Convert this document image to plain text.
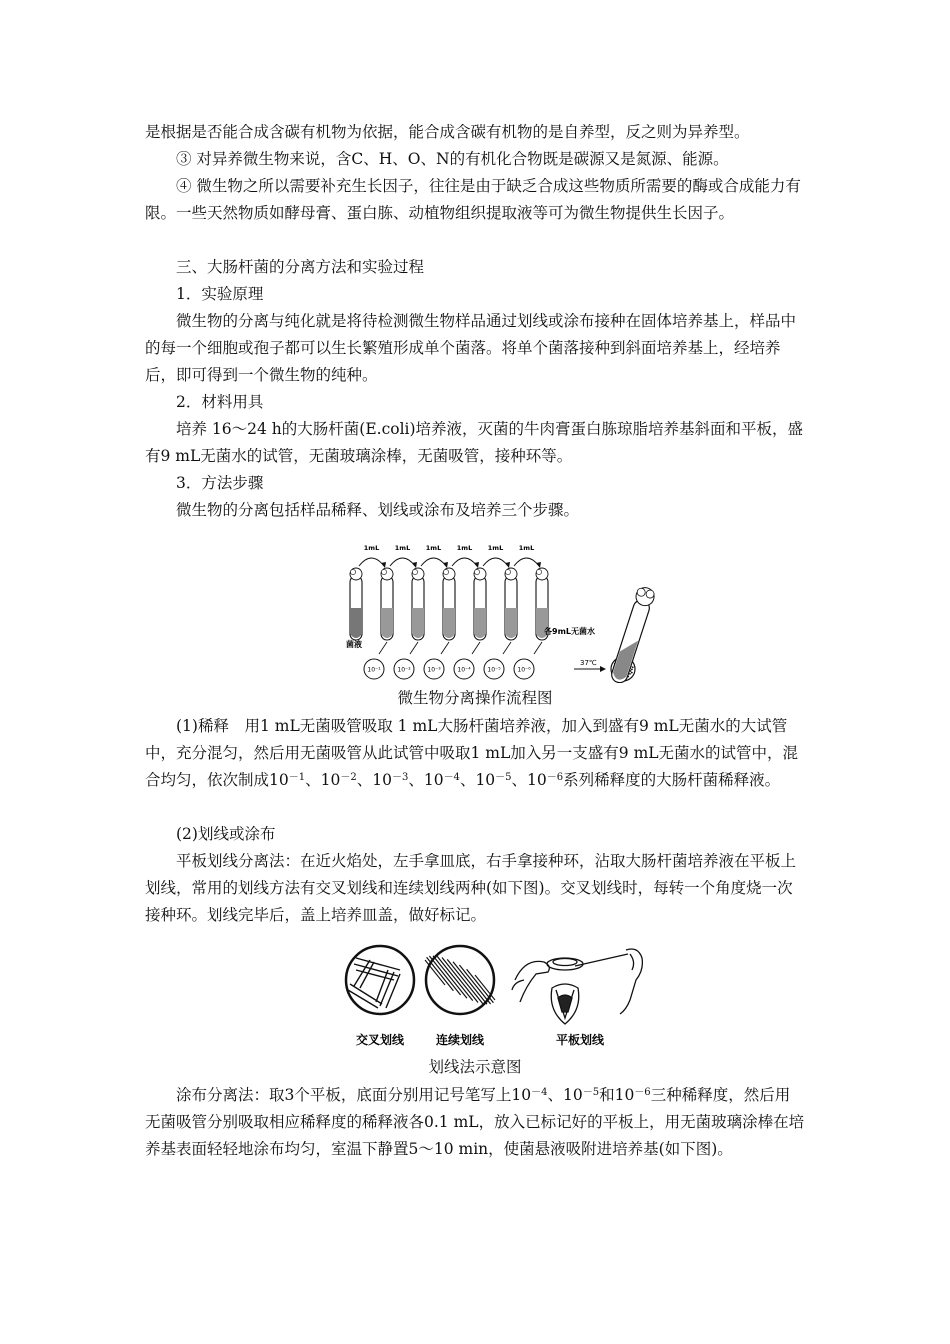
是根据是否能合成含碳有机物为依据，能合成含碳有机物的是自养型，反之则为异养型。

③ 对异养微生物来说，含C、H、O、N的有机化合物既是碳源又是氮源、能源。

④ 微生物之所以需要补充生长因子，往往是由于缺乏合成这些物质所需要的酶或合成能力有限。一些天然物质如酵母膏、蛋白胨、动植物组织提取液等可为微生物提供生长因子。

三、大肠杆菌的分离方法和实验过程

1．实验原理

微生物的分离与纯化就是将待检测微生物样品通过划线或涂布接种在固体培养基上，样品中的每一个细胞或孢子都可以生长繁殖形成单个菌落。将单个菌落接种到斜面培养基上，经培养后，即可得到一个微生物的纯种。

2．材料用具

培养 16～24 h的大肠杆菌(E.coli)培养液，灭菌的牛肉膏蛋白胨琼脂培养基斜面和平板，盛有9 mL无菌水的试管，无菌玻璃涂棒，无菌吸管，接种环等。

3．方法步骤

微生物的分离包括样品稀释、划线或涂布及培养三个步骤。

1mL 1mL 1mL 1mL 1mL 1mL
10⁻¹	10⁻²	10⁻³	10⁻⁴	10⁻⁵	10⁻⁶
菌液
各9mL无菌水
37℃
微生物分离操作流程图

(1)稀释　用1 mL无菌吸管吸取 1 mL大肠杆菌培养液，加入到盛有9 mL无菌水的大试管中，充分混匀，然后用无菌吸管从此试管中吸取1 mL加入另一支盛有9 mL无菌水的试管中，混合均匀，依次制成$10^{-1}$、$10^{-2}$、$10^{-3}$、$10^{-4}$、$10^{-5}$、$10^{-6}$系列稀释度的大肠杆菌稀释液。

(2)划线或涂布

平板划线分离法：在近火焰处，左手拿皿底，右手拿接种环，沾取大肠杆菌培养液在平板上划线，常用的划线方法有交叉划线和连续划线两种(如下图)。交叉划线时，每转一个角度烧一次接种环。划线完毕后，盖上培养皿盖，做好标记。

交叉划线	连续划线	平板划线
划线法示意图

涂布分离法：取3个平板，底面分别用记号笔写上$10^{-4}$、$10^{-5}$和$10^{-6}$三种稀释度，然后用无菌吸管分别吸取相应稀释度的稀释液各0.1 mL，放入已标记好的平板上，用无菌玻璃涂棒在培养基表面轻轻地涂布均匀，室温下静置5～10 min，使菌悬液吸附进培养基(如下图)。
